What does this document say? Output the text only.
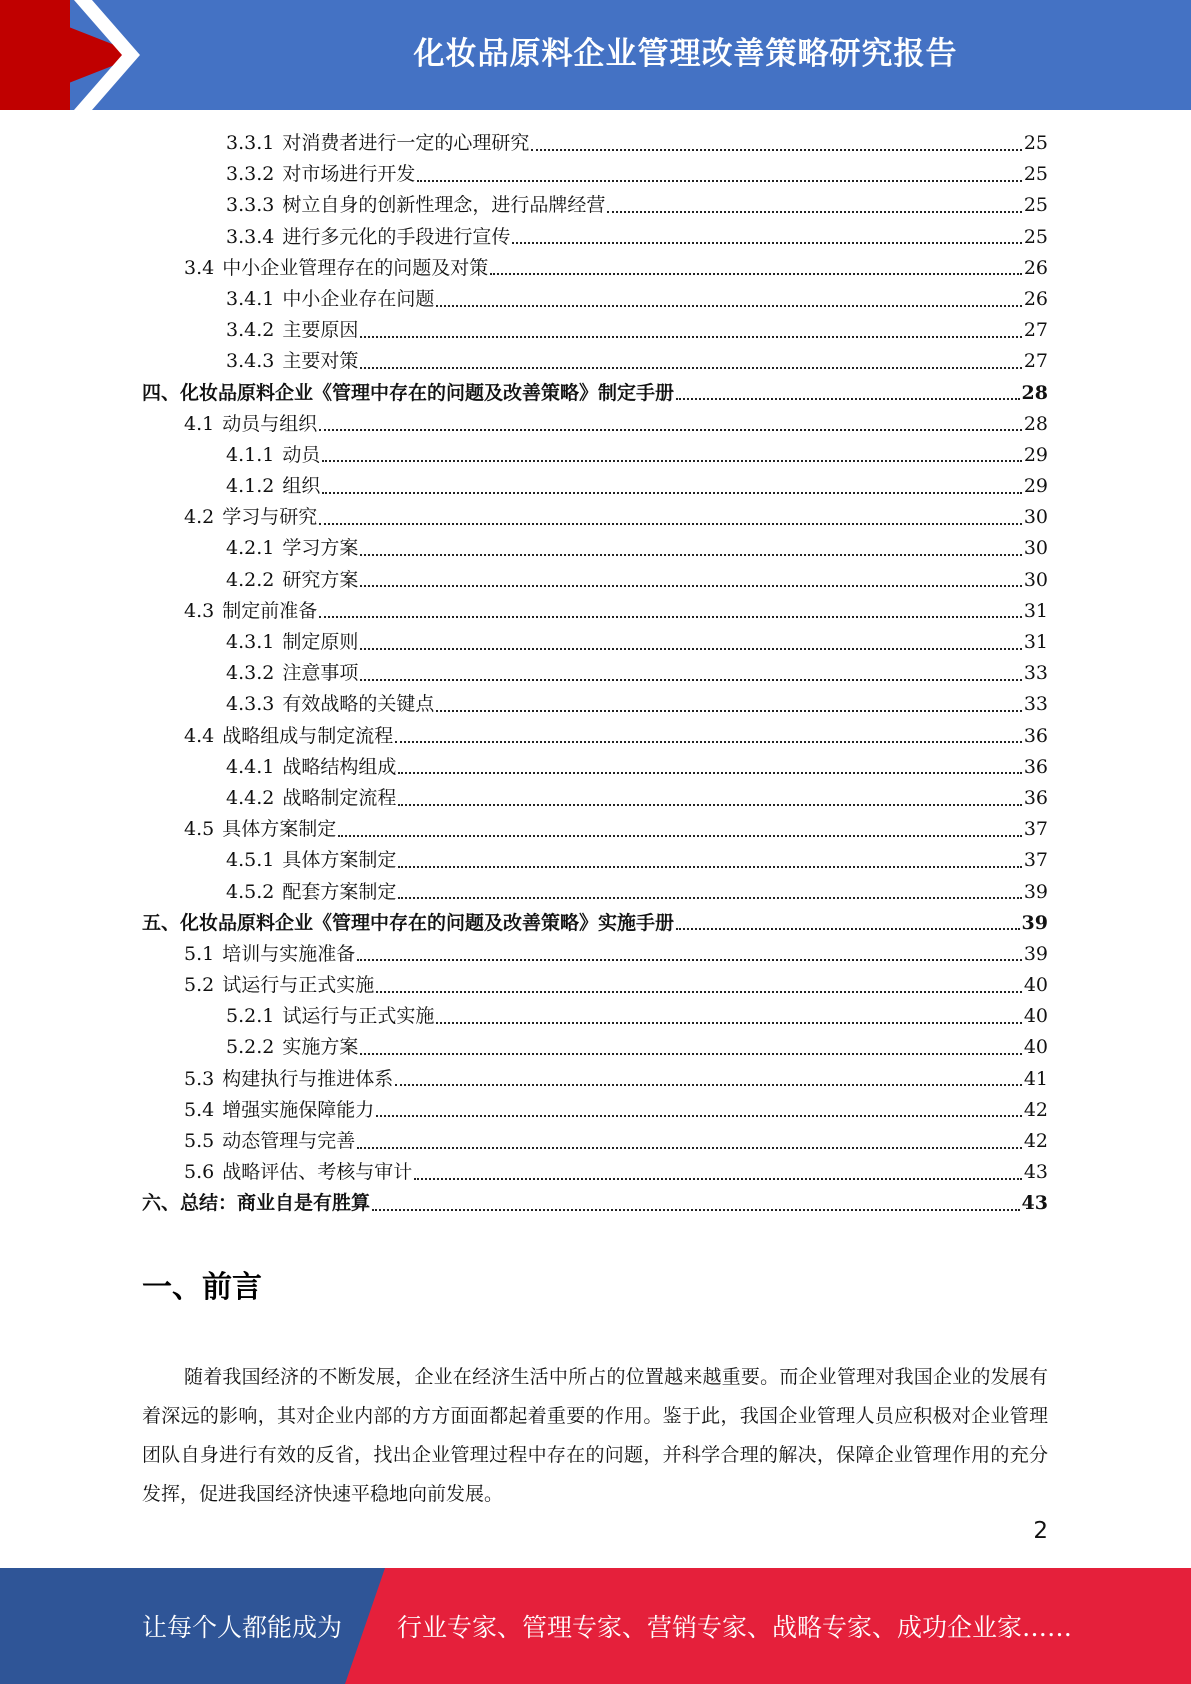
化妆品原料企业管理改善策略研究报告
3.3.1 对消费者进行一定的心理研究	25
3.3.2 对市场进行开发	25
3.3.3 树立自身的创新性理念，进行品牌经营	25
3.3.4 进行多元化的手段进行宣传	25
3.4 中小企业管理存在的问题及对策	26
3.4.1 中小企业存在问题	26
3.4.2 主要原因	27
3.4.3 主要对策	27
四、 化妆品原料企业《管理中存在的问题及改善策略》制定手册	28
4.1 动员与组织	28
4.1.1 动员	29
4.1.2 组织	29
4.2 学习与研究	30
4.2.1 学习方案	30
4.2.2 研究方案	30
4.3 制定前准备	31
4.3.1 制定原则	31
4.3.2 注意事项	33
4.3.3 有效战略的关键点	33
4.4 战略组成与制定流程	36
4.4.1 战略结构组成	36
4.4.2 战略制定流程	36
4.5 具体方案制定	37
4.5.1 具体方案制定	37
4.5.2 配套方案制定	39
五、 化妆品原料企业《管理中存在的问题及改善策略》实施手册	39
5.1 培训与实施准备	39
5.2 试运行与正式实施	40
5.2.1 试运行与正式实施	40
5.2.2 实施方案	40
5.3 构建执行与推进体系	41
5.4 增强实施保障能力	42
5.5 动态管理与完善	42
5.6 战略评估、考核与审计	43
六、 总结：商业自是有胜算	43
一、前言
随着我国经济的不断发展，企业在经济生活中所占的位置越来越重要。而企业管理对我国企业的发展有着深远的影响，其对企业内部的方方面面都起着重要的作用。鉴于此，我国企业管理人员应积极对企业管理团队自身进行有效的反省，找出企业管理过程中存在的问题，并科学合理的解决，保障企业管理作用的充分发挥，促进我国经济快速平稳地向前发展。
2
让每个人都能成为 行业专家、管理专家、营销专家、战略专家、成功企业家……
